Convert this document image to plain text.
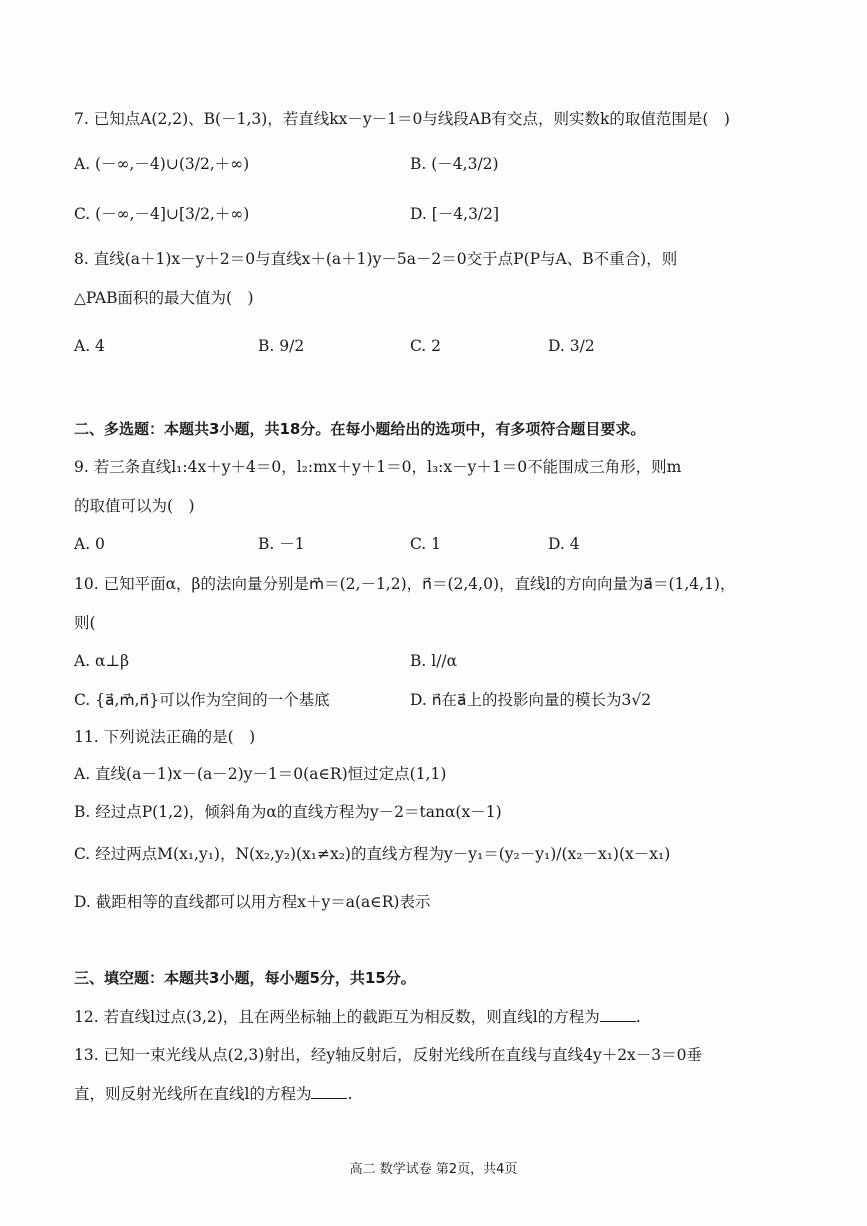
7. 已知点A(2,2)、B(－1,3)，若直线kx－y－1＝0与线段AB有交点，则实数k的取值范围是(　)
A. (－∞,－4)∪(3/2,＋∞)	B. (－4,3/2)
C. (－∞,－4]∪[3/2,＋∞)	D. [－4,3/2]
8. 直线(a＋1)x－y＋2＝0与直线x＋(a＋1)y－5a－2＝0交于点P(P与A、B不重合)，则
△PAB面积的最大值为(　)
A. 4	B. 9/2	C. 2	D. 3/2
二、多选题：本题共3小题，共18分。在每小题给出的选项中，有多项符合题目要求。
9. 若三条直线l₁:4x＋y＋4＝0，l₂:mx＋y＋1＝0，l₃:x－y＋1＝0不能围成三角形，则m
的取值可以为(　)
A. 0	B. －1	C. 1	D. 4
10. 已知平面α，β的法向量分别是m⃗＝(2,－1,2)，n⃗＝(2,4,0)，直线l的方向向量为a⃗＝(1,4,1)，
则(
A. α⊥β	B. l//α
C. {a⃗,m⃗,n⃗}可以作为空间的一个基底	D. n⃗在a⃗上的投影向量的模长为3√2
11. 下列说法正确的是(　)
A. 直线(a－1)x－(a－2)y－1＝0(a∈R)恒过定点(1,1)
B. 经过点P(1,2)，倾斜角为α的直线方程为y－2＝tanα(x－1)
C. 经过两点M(x₁,y₁)，N(x₂,y₂)(x₁≠x₂)的直线方程为y－y₁＝(y₂－y₁)/(x₂－x₁)(x－x₁)
D. 截距相等的直线都可以用方程x＋y＝a(a∈R)表示
三、填空题：本题共3小题，每小题5分，共15分。
12. 若直线l过点(3,2)，且在两坐标轴上的截距互为相反数，则直线l的方程为 .
13. 已知一束光线从点(2,3)射出，经y轴反射后，反射光线所在直线与直线4y＋2x－3＝0垂
直，则反射光线所在直线l的方程为 .
高二 数学试卷 第2页，共4页
